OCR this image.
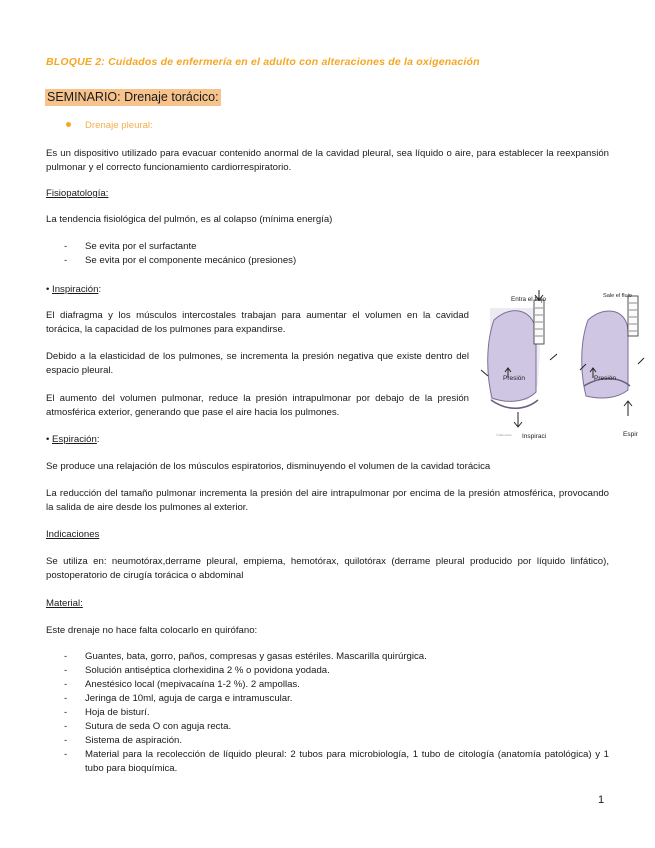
BLOQUE 2: Cuidados de enfermería en el adulto con alteraciones de la oxigenación
SEMINARIO: Drenaje torácico:
Drenaje pleural:
Es un dispositivo utilizado para evacuar contenido anormal de la cavidad pleural, sea líquido o aire, para establecer la reexpansión pulmonar y el correcto funcionamiento cardiorrespiratorio.
Fisiopatología:
La tendencia fisiológica del pulmón, es al colapso (mínima energía)
- Se evita por el surfactante
- Se evita por el componente mecánico (presiones)
• Inspiración:
El diafragma y los músculos intercostales trabajan para aumentar el volumen en la cavidad torácica, la capacidad de los pulmones para expandirse.
Debido a la elasticidad de los pulmones, se incrementa la presión negativa que existe dentro del espacio pleural.
El aumento del volumen pulmonar, reduce la presión intrapulmonar por debajo de la presión atmosférica exterior, generando que pase el aire hacia los pulmones.
• Espiración:
Se produce una relajación de los músculos espiratorios, disminuyendo el volumen de la cavidad torácica
La reducción del tamaño pulmonar incrementa la presión del aire intrapulmonar por encima de la presión atmosférica, provocando la salida de aire desde los pulmones al exterior.
Indicaciones
Se utiliza en: neumotórax,derrame pleural, empiema, hemotórax, quilotórax (derrame pleural producido por líquido linfático), postoperatorio de cirugía torácica o abdominal
Material:
Este drenaje no hace falta colocarlo en quirófano:
- Guantes, bata, gorro, paños, compresas y gasas estériles. Mascarilla quirúrgica.
- Solución antiséptica clorhexidina 2 % o povidona yodada.
- Anestésico local (mepivacaína 1-2 %). 2 ampollas.
- Jeringa de 10ml, aguja de carga e intramuscular.
- Hoja de bisturí.
- Sutura de seda O con aguja recta.
- Sistema de aspiración.
- Material para la recolección de líquido pleural: 2 tubos para microbiología, 1 tubo de citología (anatomía patológica) y 1 tubo para bioquímica.
Entra el flujo
Presión
Inspiraci
©wikimedia
Sale el flujo
Presión
Espir
1
